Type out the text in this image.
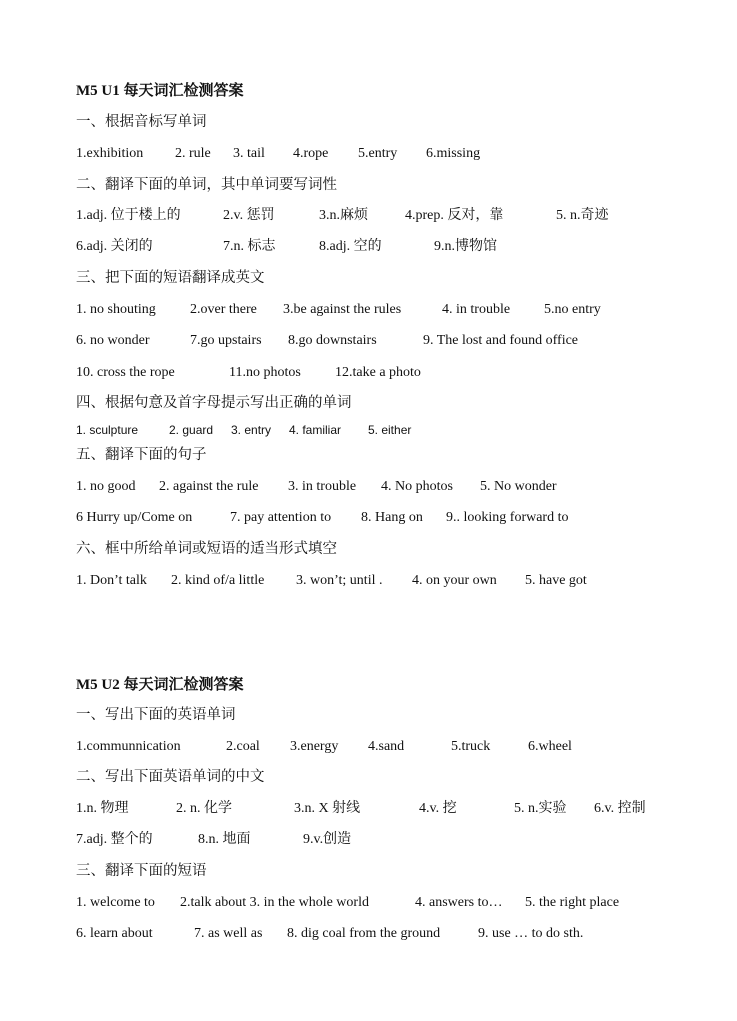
M5 U1 每天词汇检测答案
一、根据音标写单词
1.exhibition 2. rule 3. tail 4.rope 5.entry 6.missing
二、翻译下面的单词，其中单词要写词性
1.adj. 位于楼上的	2.v. 惩罚	3.n.麻烦	4.prep. 反对，靠	5. n.奇迹
6.adj. 关闭的	7.n. 标志	8.adj. 空的	9.n.博物馆
三、把下面的短语翻译成英文
1. no shouting 2.over there 3.be against the rules	4. in trouble 5.no entry
6. no wonder	7.go upstairs 8.go downstairs	9. The lost and found office
10. cross the rope	11.no photos 12.take a photo
四、根据句意及首字母提示写出正确的单词
1. sculpture	2. guard 3. entry 4. familiar 5. either
五、翻译下面的句子
1. no good 2. against the rule 3. in trouble 4. No photos 5. No wonder
6 Hurry up/Come on	7. pay attention to 8. Hang on 9.. looking forward to
六、框中所给单词或短语的适当形式填空
1. Don’t talk 2. kind of/a little 3. won’t; until . 4. on your own 5. have got
M5 U2 每天词汇检测答案
一、写出下面的英语单词
1.communnication	2.coal 3.energy 4.sand	5.truck	6.wheel
二、写出下面英语单词的中文
1.n. 物理	2. n. 化学	3.n. X 射线	4.v. 挖	5. n.实验 6.v. 控制
7.adj. 整个的	8.n. 地面	9.v.创造
三、翻译下面的短语
1. welcome to 2.talk about 3. in the whole world	4. answers to… 5. the right place
6. learn about	7. as well as 8. dig coal from the ground	9. use … to do sth.
